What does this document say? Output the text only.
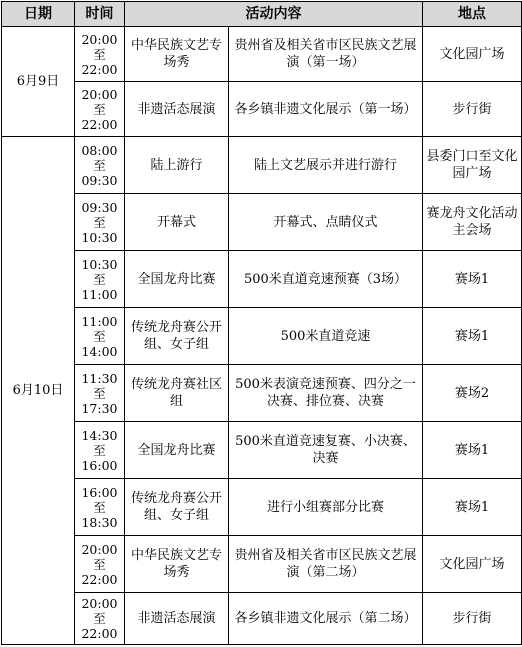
日期	时间	活动内容		地点
6月9日	20:00
至
22:00	中华民族文艺专场秀	贵州省及相关省市区民族文艺展演（第一场）	文化园广场

	20:00
至
22:00	非遗活态展演	各乡镇非遗文化展示（第一场）	步行街
6月10日	08:00
至
09:30	陆上游行	陆上文艺展示并进行游行	县委门口至文化园广场

	09:30
至
10:30	开幕式	开幕式、点睛仪式	赛龙舟文化活动主会场

	10:30
至
11:00	全国龙舟比赛	500米直道竞速预赛（3场）	赛场1

	11:00
至
14:00	传统龙舟赛公开组、女子组	500米直道竞速	赛场1

	11:30
至
17:30	传统龙舟赛社区组	500米表演竞速预赛、四分之一决赛、排位赛、决赛	赛场2

	14:30
至
16:00	全国龙舟比赛	500米直道竞速复赛、小决赛、决赛	赛场1

	16:00
至
18:30	传统龙舟赛公开组、女子组	进行小组赛部分比赛	赛场1

	20:00
至
22:00	中华民族文艺专场秀	贵州省及相关省市区民族文艺展演（第二场）	文化园广场

	20:00
至
22:00	非遗活态展演	各乡镇非遗文化展示（第二场）	步行街
